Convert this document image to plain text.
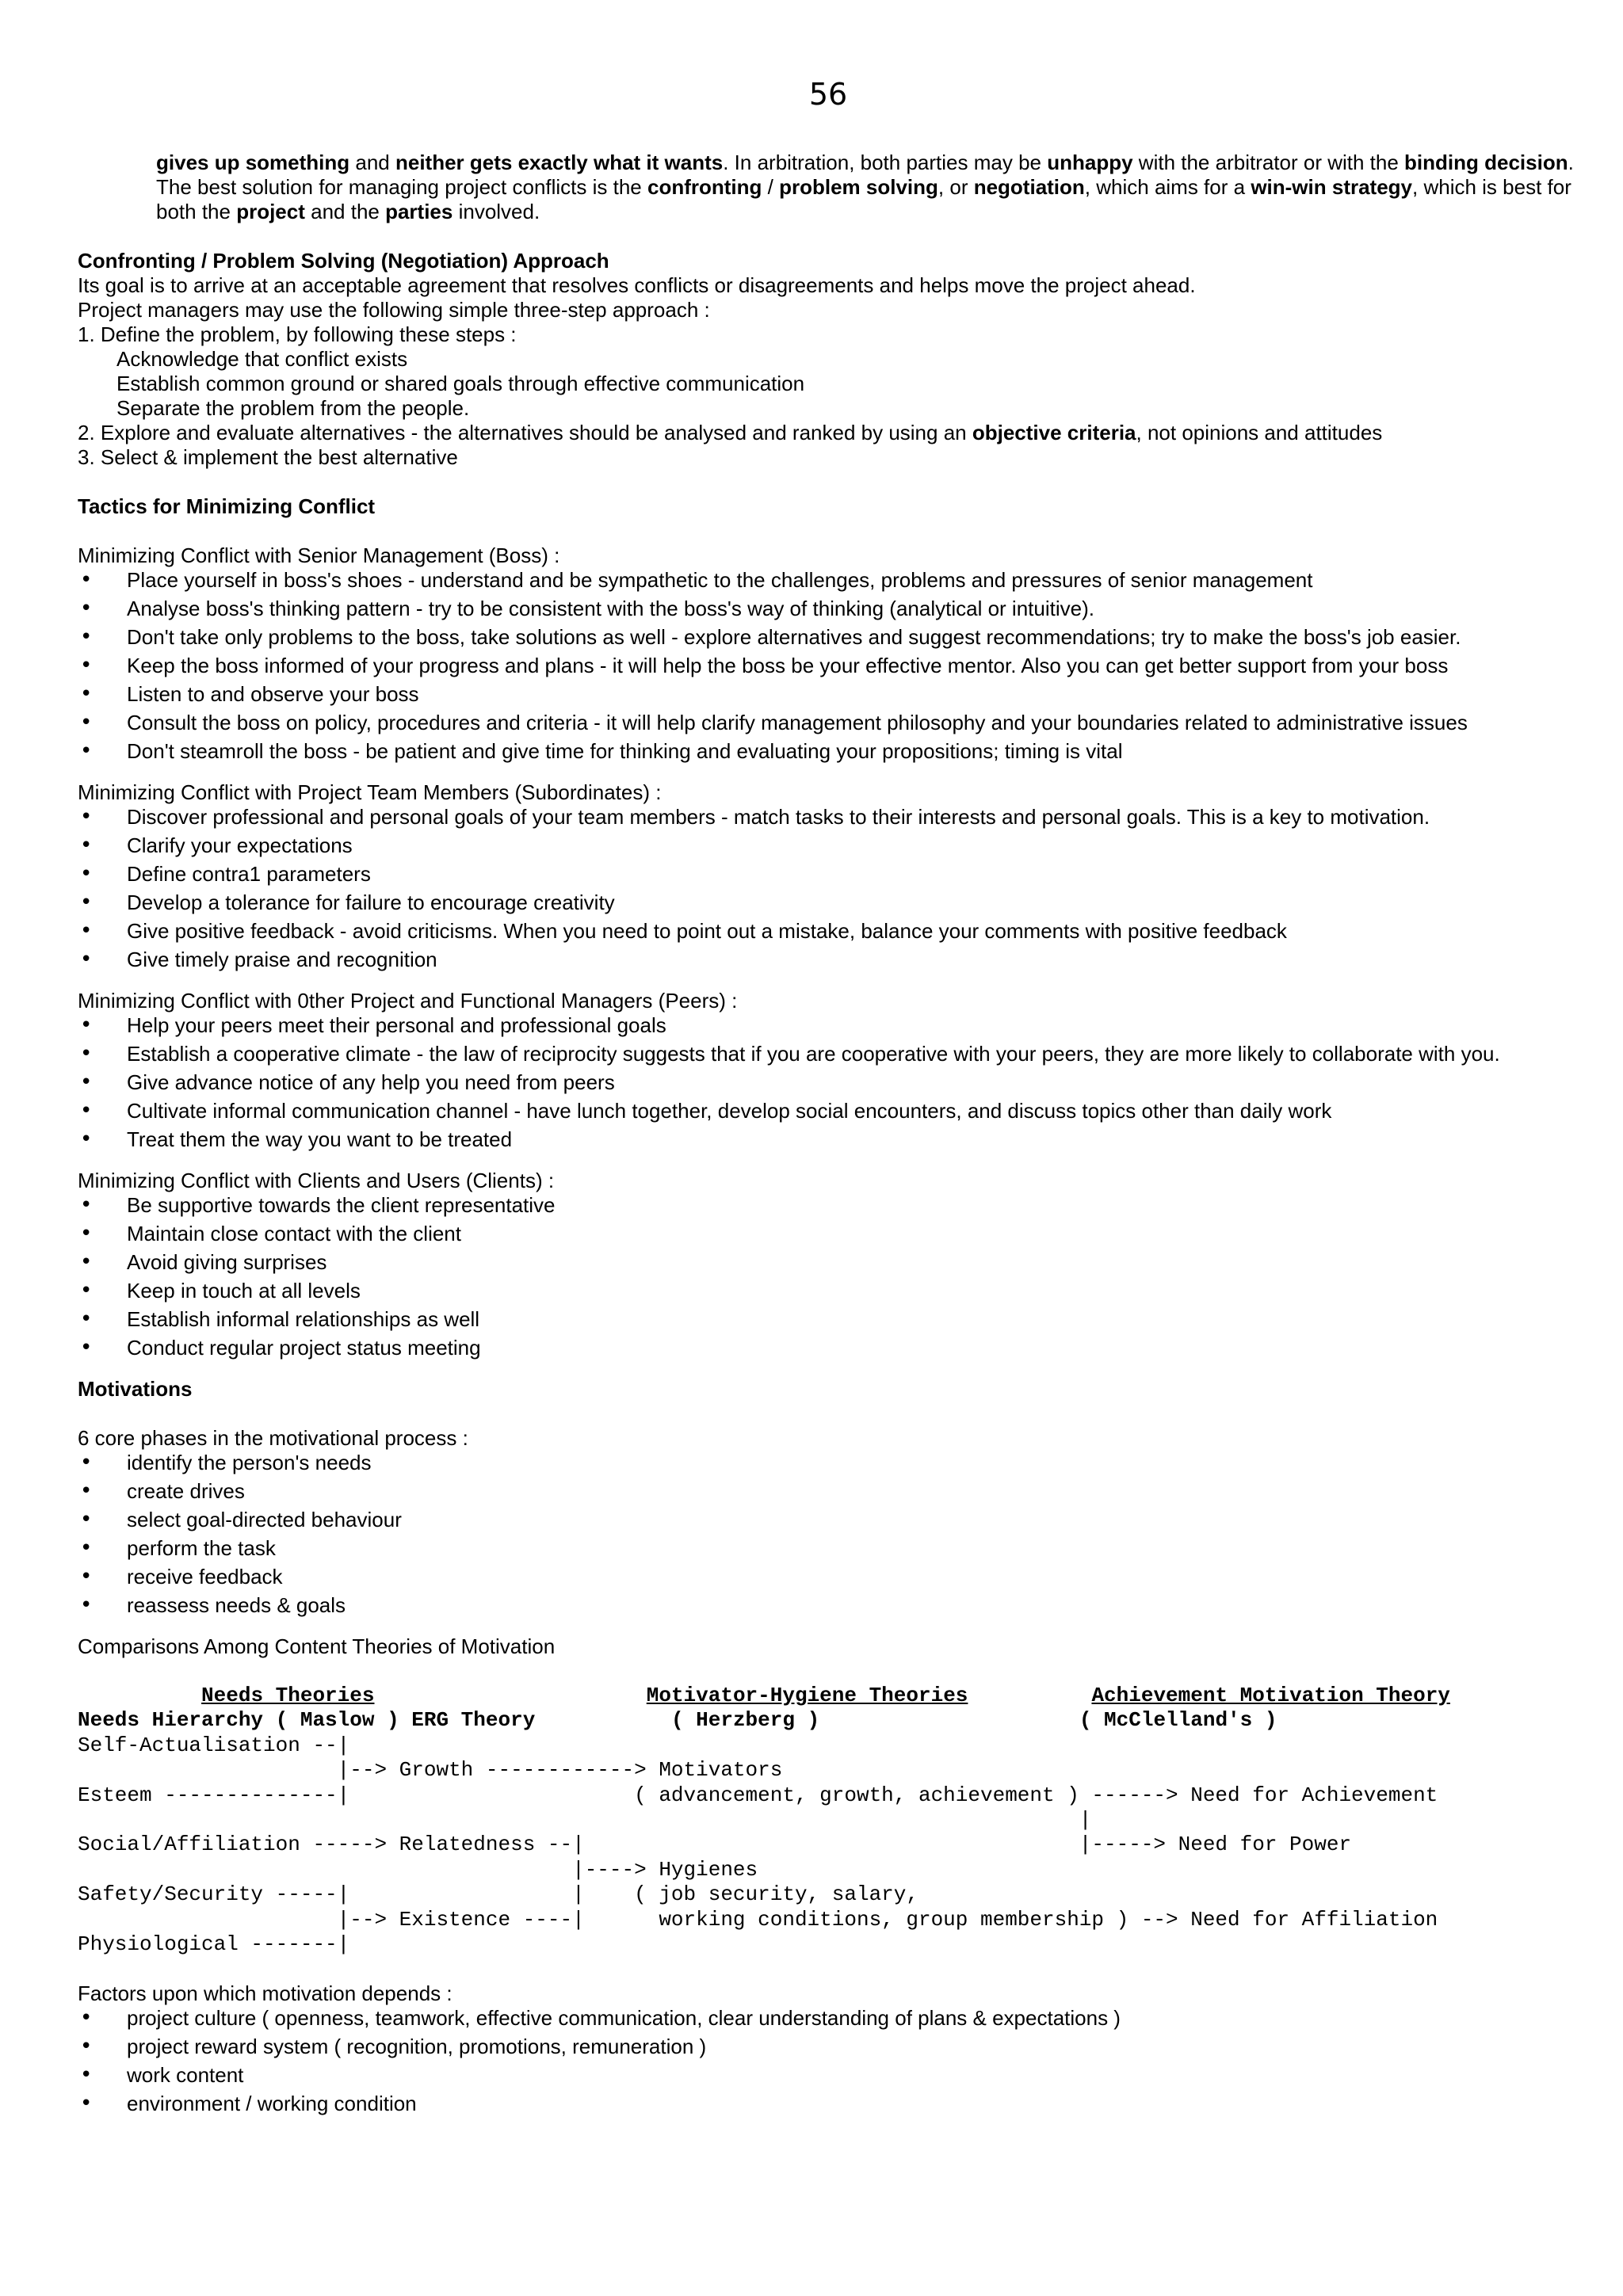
56

gives up something and neither gets exactly what it wants. In arbitration, both parties may be unhappy with the arbitrator or with the binding decision.

The best solution for managing project conflicts is the confronting / problem solving, or negotiation, which aims for a win-win strategy, which is best for both the project and the parties involved.

Confronting / Problem Solving (Negotiation) Approach

Its goal is to arrive at an acceptable agreement that resolves conflicts or disagreements and helps move the project ahead.

Project managers may use the following simple three-step approach :

1. Define the problem, by following these steps :

Acknowledge that conflict exists

Establish common ground or shared goals through effective communication

Separate the problem from the people.

2. Explore and evaluate alternatives - the alternatives should be analysed and ranked by using an objective criteria, not opinions and attitudes

3. Select & implement the best alternative

Tactics for Minimizing Conflict

Minimizing Conflict with Senior Management (Boss) :

• Place yourself in boss's shoes - understand and be sympathetic to the challenges, problems and pressures of senior management
• Analyse boss's thinking pattern - try to be consistent with the boss's way of thinking (analytical or intuitive).
• Don't take only problems to the boss, take solutions as well - explore alternatives and suggest recommendations; try to make the boss's job easier.
• Keep the boss informed of your progress and plans - it will help the boss be your effective mentor. Also you can get better support from your boss
• Listen to and observe your boss
• Consult the boss on policy, procedures and criteria - it will help clarify management philosophy and your boundaries related to administrative issues
• Don't steamroll the boss - be patient and give time for thinking and evaluating your propositions; timing is vital

Minimizing Conflict with Project Team Members (Subordinates) :

• Discover professional and personal goals of your team members - match tasks to their interests and personal goals. This is a key to motivation.
• Clarify your expectations
• Define contra1 parameters
• Develop a tolerance for failure to encourage creativity
• Give positive feedback - avoid criticisms. When you need to point out a mistake, balance your comments with positive feedback
• Give timely praise and recognition

Minimizing Conflict with 0ther Project and Functional Managers (Peers) :

• Help your peers meet their personal and professional goals
• Establish a cooperative climate - the law of reciprocity suggests that if you are cooperative with your peers, they are more likely to collaborate with you.
• Give advance notice of any help you need from peers
• Cultivate informal communication channel - have lunch together, develop social encounters, and discuss topics other than daily work
• Treat them the way you want to be treated

Minimizing Conflict with Clients and Users (Clients) :

• Be supportive towards the client representative
• Maintain close contact with the client
• Avoid giving surprises
• Keep in touch at all levels
• Establish informal relationships as well
• Conduct regular project status meeting

Motivations

6 core phases in the motivational process :

• identify the person's needs
• create drives
• select goal-directed behaviour
• perform the task
• receive feedback
• reassess needs & goals

Comparisons Among Content Theories of Motivation

Needs Theories	Motivator-Hygiene Theories	Achievement Motivation Theory
Needs Hierarchy ( Maslow ) ERG Theory	( Herzberg )	( McClelland's )
Self-Actualisation --|
|--> Growth ------------> Motivators
Esteem --------------|                       ( advancement, growth, achievement ) ------> Need for Achievement
|
Social/Affiliation -----> Relatedness --|                                        |-----> Need for Power
|----> Hygienes
Safety/Security -----|                  |    ( job security, salary,
|--> Existence ----|      working conditions, group membership ) --> Need for Affiliation
Physiological -------|

Factors upon which motivation depends :

• project culture ( openness, teamwork, effective communication, clear understanding of plans & expectations )
• project reward system ( recognition, promotions, remuneration )
• work content
• environment / working condition
